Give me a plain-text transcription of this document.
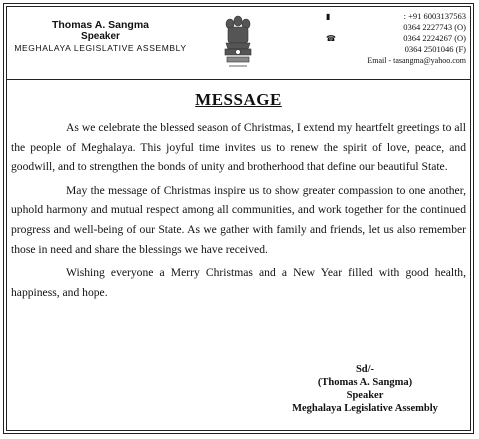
Thomas A. Sangma
Speaker
MEGHALAYA LEGISLATIVE ASSEMBLY
▮	: +91 6003137563
0364 2227743 (O)
☎	0364 2224267 (O)
0364 2501046 (F)
Email - tasangma@yahoo.com
MESSAGE

As we celebrate the blessed season of Christmas, I extend my heartfelt greetings to all the people of Meghalaya. This joyful time invites us to renew the spirit of love, peace, and goodwill, and to strengthen the bonds of unity and brotherhood that define our beautiful State.

May the message of Christmas inspire us to show greater compassion to one another, uphold harmony and mutual respect among all communities, and work together for the continued progress and well-being of our State. As we gather with family and friends, let us also remember those in need and share the blessings we have received.

Wishing everyone a Merry Christmas and a New Year filled with good health, happiness, and hope.

Sd/-
(Thomas A. Sangma)
Speaker
Meghalaya Legislative Assembly
